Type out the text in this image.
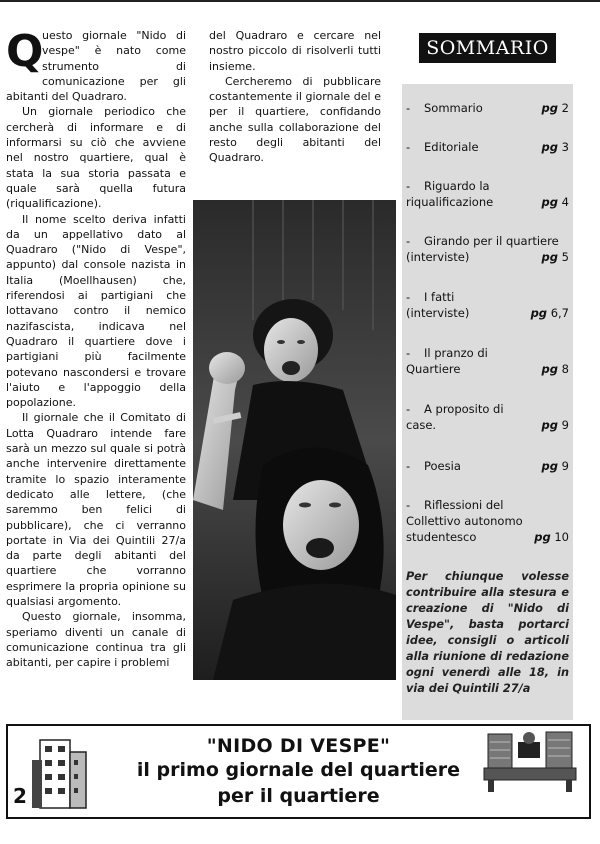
Q

uesto giornale "Nido di vespe" è nato come strumento di comunicazione per gli abitanti del Quadraro.

Un giornale periodico che cercherà di informare e di informarsi su ciò che avviene nel nostro quartiere, qual è stata la sua storia passata e quale sarà quella futura (riqualificazione).

Il nome scelto deriva infatti da un appellativo dato al Quadraro ("Nido di Vespe", appunto) dal console nazista in Italia (Moellhausen) che, riferendosi ai partigiani che lottavano contro il nemico nazifascista, indicava nel Quadraro il quartiere dove i partigiani più facilmente potevano nascondersi e trovare l'aiuto e l'appoggio della popolazione.

Il giornale che il Comitato di Lotta Quadraro intende fare sarà un mezzo sul quale si potrà anche intervenire direttamente tramite lo spazio interamente dedicato alle lettere, (che saremmo ben felici di pubblicare), che ci verranno portate in Via dei Quintili 27/a da parte degli abitanti del quartiere che vorranno esprimere la propria opinione su qualsiasi argomento.

Questo giornale, insomma, speriamo diventi un canale di comunicazione continua tra gli abitanti, per capire i problemi

del Quadraro e cercare nel nostro piccolo di risolverli tutti insieme.

Cercheremo di pubblicare costantemente il giornale del e per il quartiere, confidando anche sulla collaborazione del resto degli abitanti del Quadraro.

SOMMARIO
- Sommario	pg 2
- Editoriale	pg 3
- Riguardo la
riqualificazione	pg 4
- Girando per il quartiere
(interviste)	pg 5
- I fatti
(interviste)	pg 6,7
- Il pranzo di
Quartiere	pg 8
- A proposito di
case.	pg 9
- Poesia	pg 9
- Riflessioni del
Collettivo autonomo
studentesco	pg 10
Per chiunque volesse contribuire alla stesura e creazione di "Nido di Vespe", basta portarci idee, consigli o articoli alla riunione di redazione ogni venerdì alle 18, in via dei Quintili 27/a
2
"NIDO DI VESPE"
il primo giornale del quartiere
per il quartiere
